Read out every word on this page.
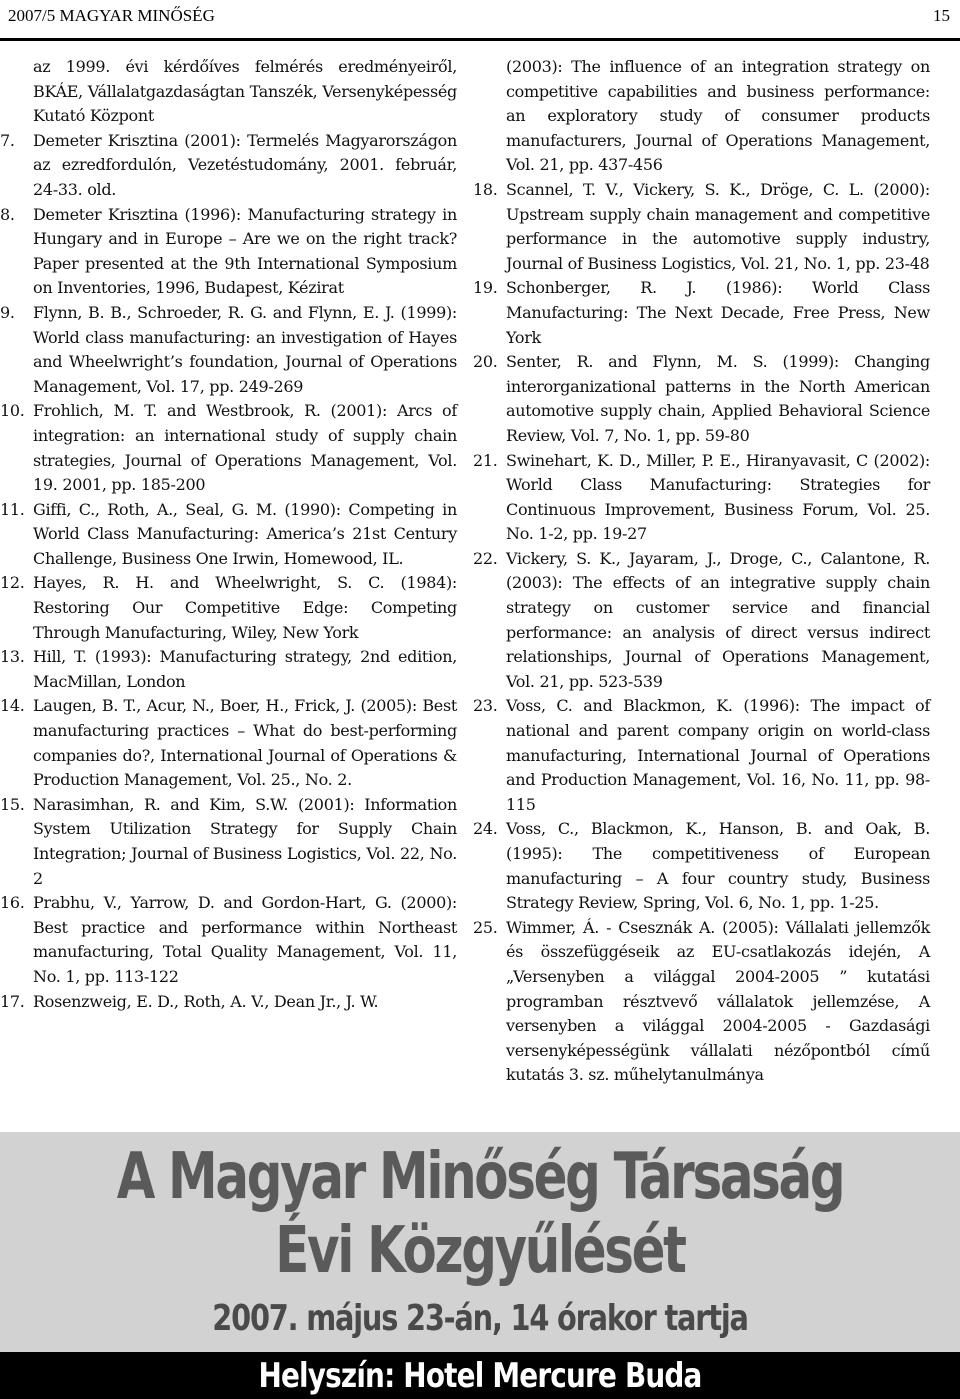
2007/5 MAGYAR MINŐSÉG	15
az 1999. évi kérdőíves felmérés eredményeiről, BKÁE, Vállalatgazdaságtan Tanszék, Versenyképesség Kutató Központ
7.	Demeter Krisztina (2001): Termelés Magyarországon az ezredfordulón, Vezetéstudomány, 2001. február, 24-33. old.
8.	Demeter Krisztina (1996): Manufacturing strategy in Hungary and in Europe – Are we on the right track? Paper presented at the 9th International Symposium on Inventories, 1996, Budapest, Kézirat
9.	Flynn, B. B., Schroeder, R. G. and Flynn, E. J. (1999): World class manufacturing: an investigation of Hayes and Wheelwright’s foundation, Journal of Operations Management, Vol. 17, pp. 249-269
10. Frohlich, M. T. and Westbrook, R. (2001): Arcs of integration: an international study of supply chain strategies, Journal of Operations Management, Vol. 19. 2001, pp. 185-200
11. Giffi, C., Roth, A., Seal, G. M. (1990): Competing in World Class Manufacturing: America’s 21st Century Challenge, Business One Irwin, Homewood, IL.
12. Hayes, R. H. and Wheelwright, S. C. (1984): Restoring Our Competitive Edge: Competing Through Manufacturing, Wiley, New York
13. Hill, T. (1993): Manufacturing strategy, 2nd edition, MacMillan, London
14. Laugen, B. T., Acur, N., Boer, H., Frick, J. (2005): Best manufacturing practices – What do best-performing companies do?, International Journal of Operations & Production Management, Vol. 25., No. 2.
15. Narasimhan, R. and Kim, S.W. (2001): Information System Utilization Strategy for Supply Chain Integration; Journal of Business Logistics, Vol. 22, No. 2
16. Prabhu, V., Yarrow, D. and Gordon-Hart, G. (2000): Best practice and performance within Northeast manufacturing, Total Quality Management, Vol. 11, No. 1, pp. 113-122
17. Rosenzweig, E. D., Roth, A. V., Dean Jr., J. W.
(2003): The influence of an integration strategy on competitive capabilities and business performance: an exploratory study of consumer products manufacturers, Journal of Operations Management, Vol. 21, pp. 437-456
18. Scannel, T. V., Vickery, S. K., Dröge, C. L. (2000): Upstream supply chain management and competitive performance in the automotive supply industry, Journal of Business Logistics, Vol. 21, No. 1, pp. 23-48
19. Schonberger, R. J. (1986): World Class Manufacturing: The Next Decade, Free Press, New York
20. Senter, R. and Flynn, M. S. (1999): Changing interorganizational patterns in the North American automotive supply chain, Applied Behavioral Science Review, Vol. 7, No. 1, pp. 59-80
21. Swinehart, K. D., Miller, P. E., Hiranyavasit, C (2002): World Class Manufacturing: Strategies for Continuous Improvement, Business Forum, Vol. 25. No. 1-2, pp. 19-27
22. Vickery, S. K., Jayaram, J., Droge, C., Calantone, R. (2003): The effects of an integrative supply chain strategy on customer service and financial performance: an analysis of direct versus indirect relationships, Journal of Operations Management, Vol. 21, pp. 523-539
23. Voss, C. and Blackmon, K. (1996): The impact of national and parent company origin on world-class manufacturing, International Journal of Operations and Production Management, Vol. 16, No. 11, pp. 98-115
24. Voss, C., Blackmon, K., Hanson, B. and Oak, B. (1995): The competitiveness of European manufacturing – A four country study, Business Strategy Review, Spring, Vol. 6, No. 1, pp. 1-25.
25. Wimmer, Á. - Csesznák A. (2005): Vállalati jellemzők és összefüggéseik az EU-csatlakozás idején, A „Versenyben a világgal 2004-2005 ” kutatási programban résztvevő vállalatok jellemzése, A versenyben a világgal 2004-2005 - Gazdasági versenyképességünk vállalati nézőpontból című kutatás 3. sz. műhelytanulmánya
A Magyar Minőség Társaság
Évi Közgyűlését
2007. május 23-án, 14 órakor tartja
Helyszín: Hotel Mercure Buda
